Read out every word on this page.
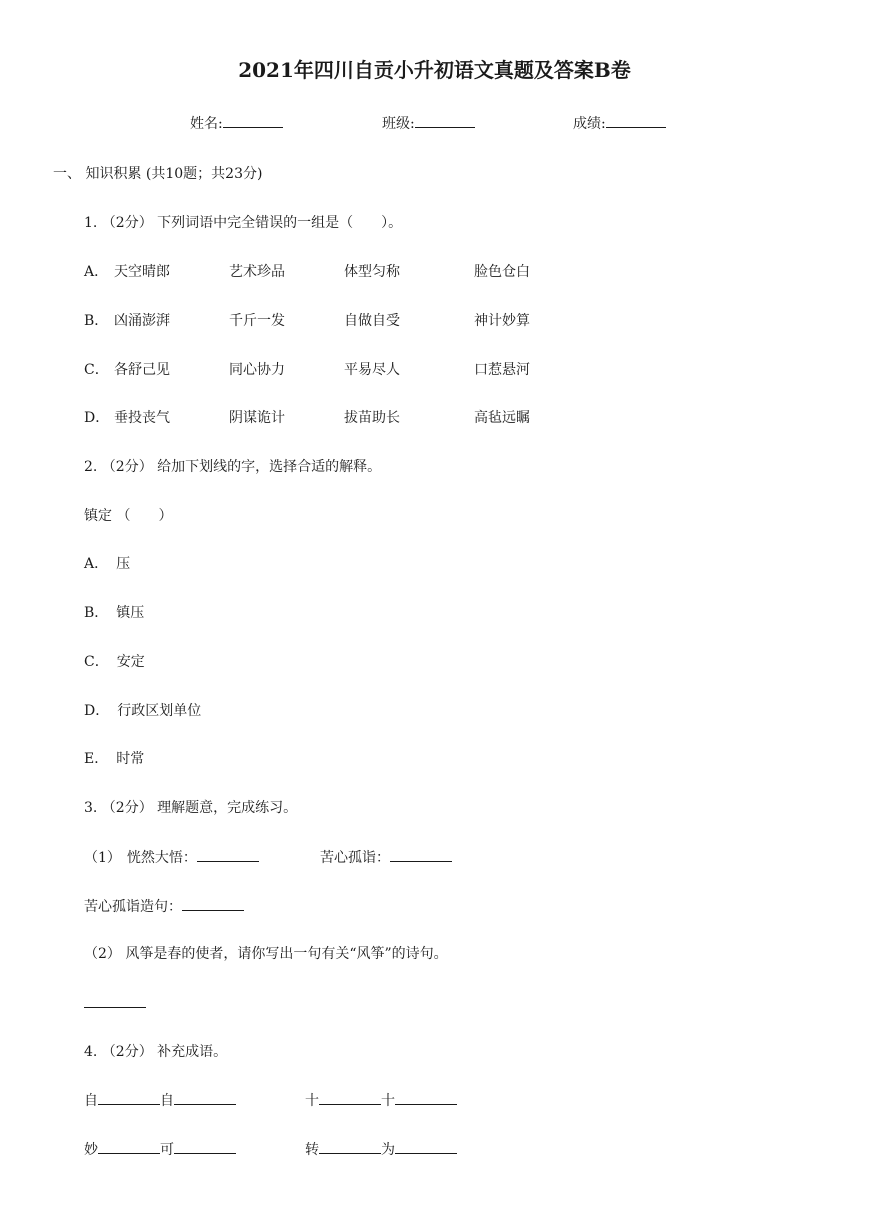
2021年四川自贡小升初语文真题及答案B卷
姓名:	班级:	成绩:
一、 知识积累 (共10题；共23分)
1. （2分） 下列词语中完全错误的一组是（　　）。
A． 天空晴郎	艺术珍品	体型匀称	脸色仓白
B． 凶涌澎湃	千斤一发	自做自受	神计妙算
C． 各舒己见	同心协力	平易尽人	口惹悬河
D． 垂投丧气	阴谋诡计	拔苗助长	高毡远瞩
2. （2分） 给加下划线的字，选择合适的解释。
镇定 （　　）
A． 压
B． 镇压
C． 安定
D． 行政区划单位
E． 时常
3. （2分） 理解题意，完成练习。
（1） 恍然大悟：	苦心孤诣：
苦心孤诣造句：
（2） 风筝是春的使者，请你写出一句有关“风筝”的诗句。
4. （2分） 补充成语。
自	自	十	十
妙	可	转	为
